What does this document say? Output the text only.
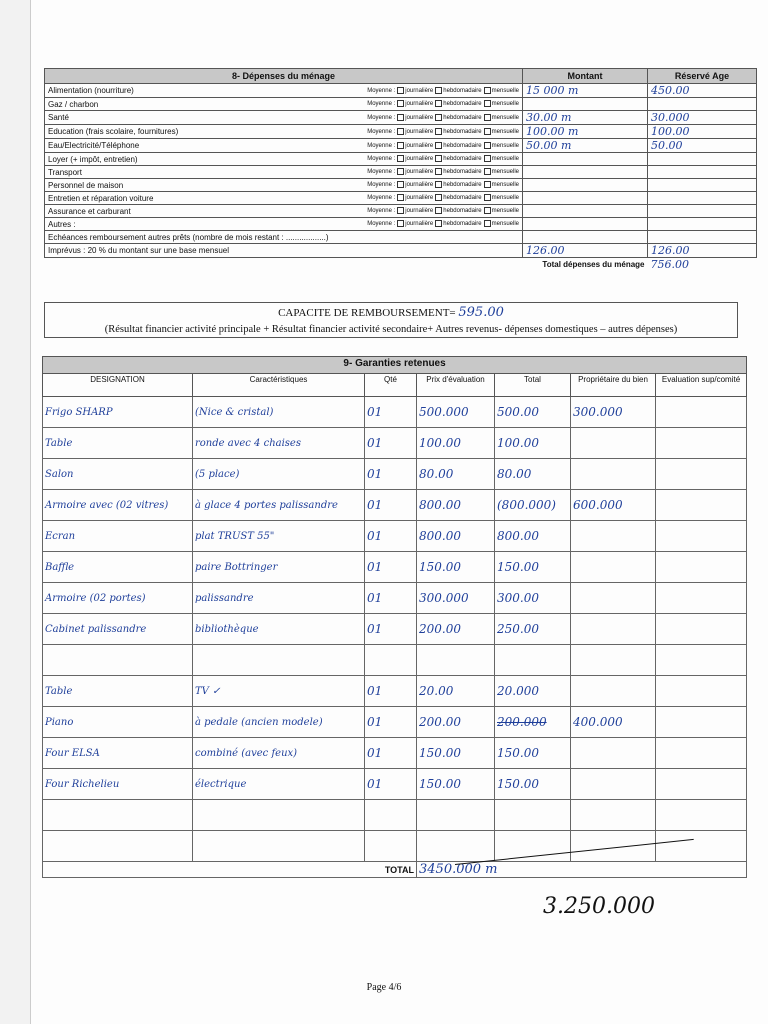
8- Dépenses du ménage		Montant	Réservé Age
Alimentation (nourriture)	Moyenne : journalière hebdomadaire mensuelle	15 000 m	450.00
Gaz / charbon	Moyenne : journalière hebdomadaire mensuelle		
Santé	Moyenne : journalière hebdomadaire mensuelle	30.00 m	30.000
Education (frais scolaire, fournitures)	Moyenne : journalière hebdomadaire mensuelle	100.00 m	100.00
Eau/Electricité/Téléphone	Moyenne : journalière hebdomadaire mensuelle	50.00 m	50.00
Loyer (+ impôt, entretien)	Moyenne : journalière hebdomadaire mensuelle		
Transport	Moyenne : journalière hebdomadaire mensuelle		
Personnel de maison	Moyenne : journalière hebdomadaire mensuelle		
Entretien et réparation voiture	Moyenne : journalière hebdomadaire mensuelle		
Assurance et carburant	Moyenne : journalière hebdomadaire mensuelle		
Autres :	Moyenne : journalière hebdomadaire mensuelle		
Echéances remboursement autres prêts (nombre de mois restant : ..................)			
Imprévus : 20 % du montant sur une base mensuel		126.00	126.00
Total dépenses du ménage			756.00
CAPACITE DE REMBOURSEMENT= 595.00
(Résultat financier activité principale + Résultat financier activité secondaire+ Autres revenus- dépenses domestiques – autres dépenses)
9- Garanties retenues						
DESIGNATION	Caractéristiques	Qté	Prix d'évaluation	Total	Propriétaire du bien	Evaluation sup/comité
Frigo SHARP	(Nice & cristal)	01	500.000	500.00	300.000	
Table	ronde avec 4 chaises	01	100.00	100.00		
Salon	(5 place)	01	80.00	80.00		
Armoire avec (02 vitres)	à glace 4 portes palissandre	01	800.00	(800.000)	600.000	
Ecran	plat TRUST 55"	01	800.00	800.00		
Baffle	paire Bottringer	01	150.00	150.00		
Armoire (02 portes)	palissandre	01	300.000	300.00		
Cabinet palissandre	bibliothèque	01	200.00	250.00		

Table	TV ✓	01	20.00	20.000		
Piano	à pedale (ancien modele)	01	200.00	200.000	400.000	
Four ELSA	combiné (avec feux)	01	150.00	150.00		
Four Richelieu	électrique	01	150.00	150.00		

TOTAL			3450.000 m			
3.250.000
Page 4/6
